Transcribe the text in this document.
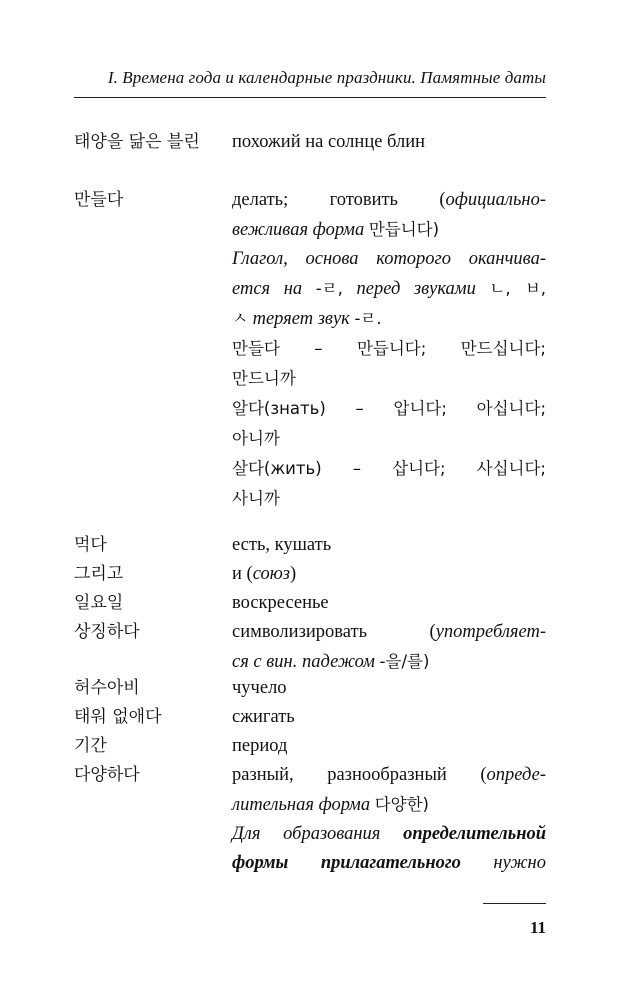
I. Времена года и календарные праздники. Памятные даты
태양을 닮은 블린	похожий на солнце блин
만들다	делать; готовить (официально-
вежливая форма 만듭니다)
Глагол, основа которого оканчива-
ется на -ㄹ, перед звуками ㄴ, ㅂ,
ㅅ теряет звук -ㄹ.
만들다 – 만듭니다; 만드십니다;
만드니까
알다(знать) – 압니다; 아십니다;
아니까
살다(жить) – 삽니다; 사십니다;
사니까
먹다	есть, кушать
그리고	и (союз)
일요일	воскресенье
상징하다	символизировать (употребляет-
ся с вин. падежом -을/를)
허수아비	чучело
태워 없애다	сжигать
기간	период
다양하다	разный, разнообразный (опреде-
лительная форма 다양한)
Для образования определительной
формы прилагательного нужно
11
